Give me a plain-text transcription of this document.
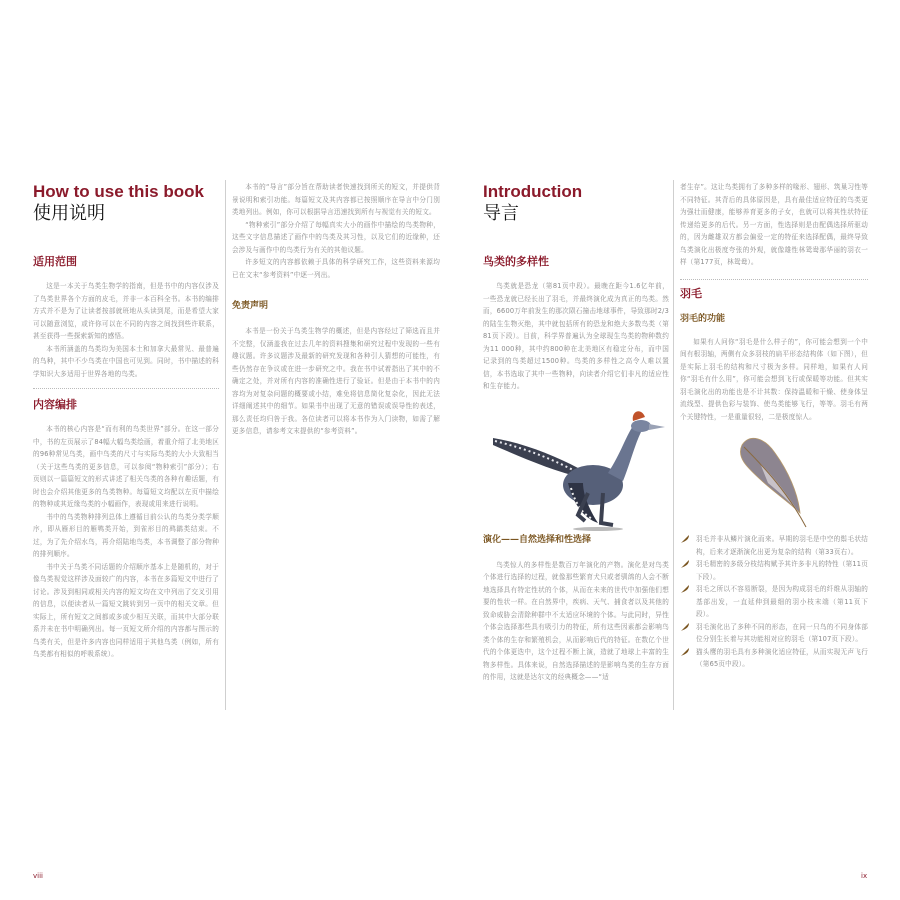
How to use this book
使用说明
适用范围

这是一本关于鸟类生物学的指南，但是书中的内容仅涉及了鸟类世界各个方面的皮毛，并非一本百科全书。本书的编排方式并不是为了让读者按部就班地从头读到尾，而是希望大家可以随意浏览，或许你可以在不同的内容之间找到些许联系，甚至获得一些探索新知的感悟。

本书所涵盖的鸟类均为美国本土和加拿大最常见、最普遍的鸟种，其中不少鸟类在中国也可见到。同时，书中描述的科学知识大多适用于世界各地的鸟类。

内容编排

本书的核心内容是“而有利的鸟类世界”部分。在这一部分中，书的左页展示了84幅大幅鸟类绘画，着重介绍了北美地区的96种常见鸟类，画中鸟类的尺寸与实际鸟类的大小大致相当（关于这些鸟类的更多信息，可以参阅“物种索引”部分）；右页则以一篇篇短文的形式讲述了相关鸟类的各种有趣话题，有时也会介绍其他更多的鸟类物种。每篇短文均配以左页中描绘的物种或其近缘鸟类的小幅画作，表现或用来进行说明。

书中的鸟类物种排列总体上遵循目前公认的鸟类分类学顺序，即从雁形目的雁鸭类开始，到雀形目的鹀鹟类结束。不过，为了先介绍水鸟，再介绍陆地鸟类，本书调整了部分物种的排列顺序。

书中关于鸟类不同话题的介绍顺序基本上是随机的，对于像鸟类视觉这样涉及面较广的内容，本书在多篇短文中进行了讨论。涉及到相同或相关内容的短文均在文中列出了交叉引用的信息，以便读者从一篇短文跳转到另一页中的相关文章。但实际上，所有短文之间都或多或少相互关联，而其中大部分联系并未在书中明确列出。每一页短文所介绍的内容都与图示的鸟类有关，但是许多内容也同样适用于其他鸟类（例如，所有鸟类都有相似的呼吸系统）。

本书的“导言”部分旨在帮助读者快速找到所关的短文，并提供背景说明和索引功能。每篇短文及其内容都已按照顺序在导言中分门别类地列出。例如，你可以根据导言迅速找到所有与视觉有关的短文。

“物种索引”部分介绍了每幅真实大小的画作中描绘的鸟类物种，这些文字信息描述了画作中的鸟类及其习性，以及它们的近缘种，还会涉及与画作中的鸟类行为有关的其他议题。

许多短文的内容都依赖于具体的科学研究工作，这些资料来源均已在文末“参考资料”中逐一列出。

免责声明

本书是一份关于鸟类生物学的概述，但是内容经过了筛选而且并不完整，仅涵盖我在过去几年的资料搜集和研究过程中发现的一些有趣议题。许多议题涉及最新的研究发现和各种引人猜想的可能性，有些仍然存在争议或在进一步研究之中。我在书中试着指出了其中的不确定之处，并对所有内容的准确性进行了验证。但是由于本书中的内容均为对复杂问题的概要或小结，难免将信息简化复杂化，因此无法详细阐述其中的细节。如果书中出现了无意的错误或误导性的表述，那么责任均归咎于我。各位读者可以将本书作为入门读物，如需了解更多信息，请参考文末提供的“参考资料”。

viii
Introduction
导言
鸟类的多样性

鸟类就是恐龙（第81页中段）。最晚在距今1.6亿年前，一些恐龙就已经长出了羽毛，并最终演化成为真正的鸟类。然而，6600万年前发生的那次陨石撞击地球事件，导致那时2/3的陆生生物灭绝，其中就包括所有的恐龙和绝大多数鸟类（第81页下段）。目前，科学界普遍认为全球现生鸟类的物种数约为11 000种，其中约800种在北美地区有稳定分布，而中国记录到的鸟类超过1500种。鸟类的多样性之高令人难以置信，本书选取了其中一些物种，向读者介绍它们非凡的适应性和生存能力。

演化——自然选择和性选择

鸟类惊人的多样性是数百万年演化的产物。演化是对鸟类个体进行选择的过程，就像那些繁育犬只或者驯鸽的人会不断地选择具有特定性状的个体，从而在未来的世代中加强他们想要的性状一样。在自然界中，疾病、天气、捕食者以及其他的致命威胁会清除种群中不太适应环境的个体。与此同时，异性个体会选择那些具有吸引力的特征，所有这些因素都会影响鸟类个体的生存和繁殖机会，从而影响后代的特征。在数亿个世代的个体更迭中，这个过程不断上演，造就了地球上丰富的生物多样性。具体来说，自然选择描述的是影响鸟类的生存方面的作用，这就是达尔文的经典概念——“适

者生存”。这让鸟类拥有了多种多样的喙形、翅形、筑巢习性等不同特征。其背后的具体原因是，具有最佳适应特征的鸟类更为强壮而健康，能够养育更多的子女，也就可以将其性状特征传递给更多的后代。另一方面，性选择则是由配偶选择所驱动的，因为雌雄双方都会偏爱一定的特征来选择配偶，最终导致鸟类演化出极度夸张的外观，就像雄性林鸳鸯那华丽的羽衣一样（第177页，林鸳鸯）。

羽毛
羽毛的功能

如果有人问你“羽毛是什么样子的”，你可能会想到一个中间有根羽轴，两侧有众多羽枝的扁平形态结构体（如下图），但是实际上羽毛的结构和尺寸极为多样。同样地，如果有人问你“羽毛有什么用”，你可能会想到飞行或保暖等功能。但其实羽毛演化出的功能也是不计其数：保持温暖和干燥、使身体呈流线型、提供色彩与装饰、使鸟类能够飞行，等等。羽毛有两个关键特性，一是重量很轻，二是极度惊人。

羽毛并非从鳞片演化而来。早期的羽毛是中空的鬃毛状结构，后来才逐渐演化出更为复杂的结构（第33页右）。
羽毛精密的多级分枝结构赋予其许多非凡的特性（第11页下段）。
羽毛之所以不容易断裂，是因为构成羽毛的纤维从羽轴的基部出发，一直延伸到最细的羽小枝末端（第11页下段）。
羽毛演化出了多种不同的形态，在同一只鸟的不同身体部位分别生长着与其功能相对应的羽毛（第107页下段）。
猫头鹰的羽毛具有多种演化适应特征，从而实现无声飞行（第65页中段）。
ix
